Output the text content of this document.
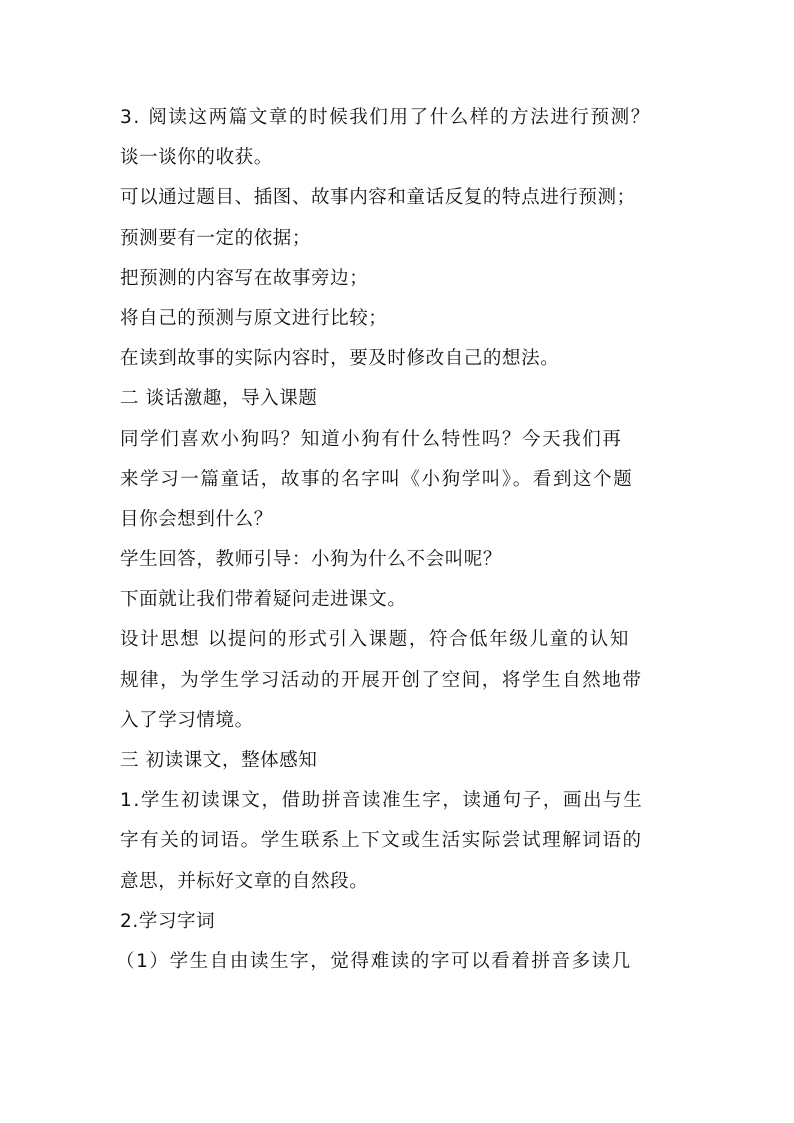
3. 阅读这两篇文章的时候我们用了什么样的方法进行预测？
谈一谈你的收获。
可以通过题目、插图、故事内容和童话反复的特点进行预测；
预测要有一定的依据；
把预测的内容写在故事旁边；
将自己的预测与原文进行比较；
在读到故事的实际内容时，要及时修改自己的想法。
二 谈话激趣，导入课题
同学们喜欢小狗吗？知道小狗有什么特性吗？今天我们再
来学习一篇童话，故事的名字叫《小狗学叫》。看到这个题
目你会想到什么？
学生回答，教师引导：小狗为什么不会叫呢？
下面就让我们带着疑问走进课文。
设计思想 以提问的形式引入课题，符合低年级儿童的认知
规律，为学生学习活动的开展开创了空间，将学生自然地带
入了学习情境。
三 初读课文，整体感知
1.学生初读课文，借助拼音读准生字，读通句子，画出与生
字有关的词语。学生联系上下文或生活实际尝试理解词语的
意思，并标好文章的自然段。
2.学习字词
（1）学生自由读生字，觉得难读的字可以看着拼音多读几
